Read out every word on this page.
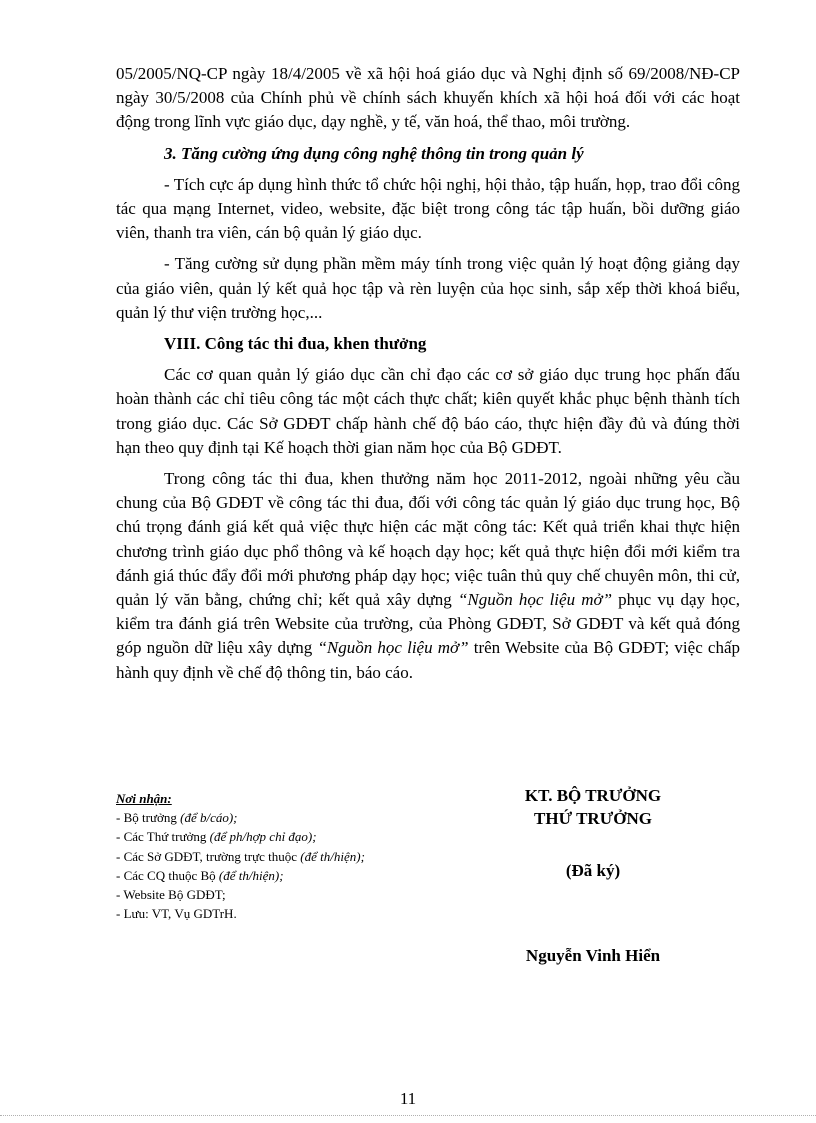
05/2005/NQ-CP ngày 18/4/2005 về xã hội hoá giáo dục và Nghị định số 69/2008/NĐ-CP ngày 30/5/2008 của Chính phủ về chính sách khuyến khích xã hội hoá đối với các hoạt động trong lĩnh vực giáo dục, dạy nghề, y tế, văn hoá, thể thao, môi trường.

3. Tăng cường ứng dụng công nghệ thông tin trong quản lý

- Tích cực áp dụng hình thức tổ chức hội nghị, hội thảo, tập huấn, họp, trao đổi công tác qua mạng Internet, video, website, đặc biệt trong công tác tập huấn, bồi dưỡng giáo viên, thanh tra viên, cán bộ quản lý giáo dục.

- Tăng cường sử dụng phần mềm máy tính trong việc quản lý hoạt động giảng dạy của giáo viên, quản lý kết quả học tập và rèn luyện của học sinh, sắp xếp thời khoá biểu, quản lý thư viện trường học,...

VIII. Công tác thi đua, khen thưởng

Các cơ quan quản lý giáo dục cần chỉ đạo các cơ sở giáo dục trung học phấn đấu hoàn thành các chỉ tiêu công tác một cách thực chất; kiên quyết khắc phục bệnh thành tích trong giáo dục. Các Sở GDĐT chấp hành chế độ báo cáo, thực hiện đầy đủ và đúng thời hạn theo quy định tại Kế hoạch thời gian năm học của Bộ GDĐT.

Trong công tác thi đua, khen thưởng năm học 2011-2012, ngoài những yêu cầu chung của Bộ GDĐT về công tác thi đua, đối với công tác quản lý giáo dục trung học, Bộ chú trọng đánh giá kết quả việc thực hiện các mặt công tác: Kết quả triển khai thực hiện chương trình giáo dục phổ thông và kế hoạch dạy học; kết quả thực hiện đổi mới kiểm tra đánh giá thúc đẩy đổi mới phương pháp dạy học; việc tuân thủ quy chế chuyên môn, thi cử, quản lý văn bằng, chứng chỉ; kết quả xây dựng “Nguồn học liệu mở” phục vụ dạy học, kiểm tra đánh giá trên Website của trường, của Phòng GDĐT, Sở GDĐT và kết quả đóng góp nguồn dữ liệu xây dựng “Nguồn học liệu mở” trên Website của Bộ GDĐT; việc chấp hành quy định về chế độ thông tin, báo cáo.

Nơi nhận:
- Bộ trưởng (để b/cáo);
- Các Thứ trưởng (để ph/hợp chỉ đạo);
- Các Sở GDĐT, trường trực thuộc (để th/hiện);
- Các CQ thuộc Bộ (để th/hiện);
- Website Bộ GDĐT;
- Lưu: VT, Vụ GDTrH.
KT. BỘ TRƯỞNG
THỨ TRƯỞNG
(Đã ký)
Nguyễn Vinh Hiển
11
